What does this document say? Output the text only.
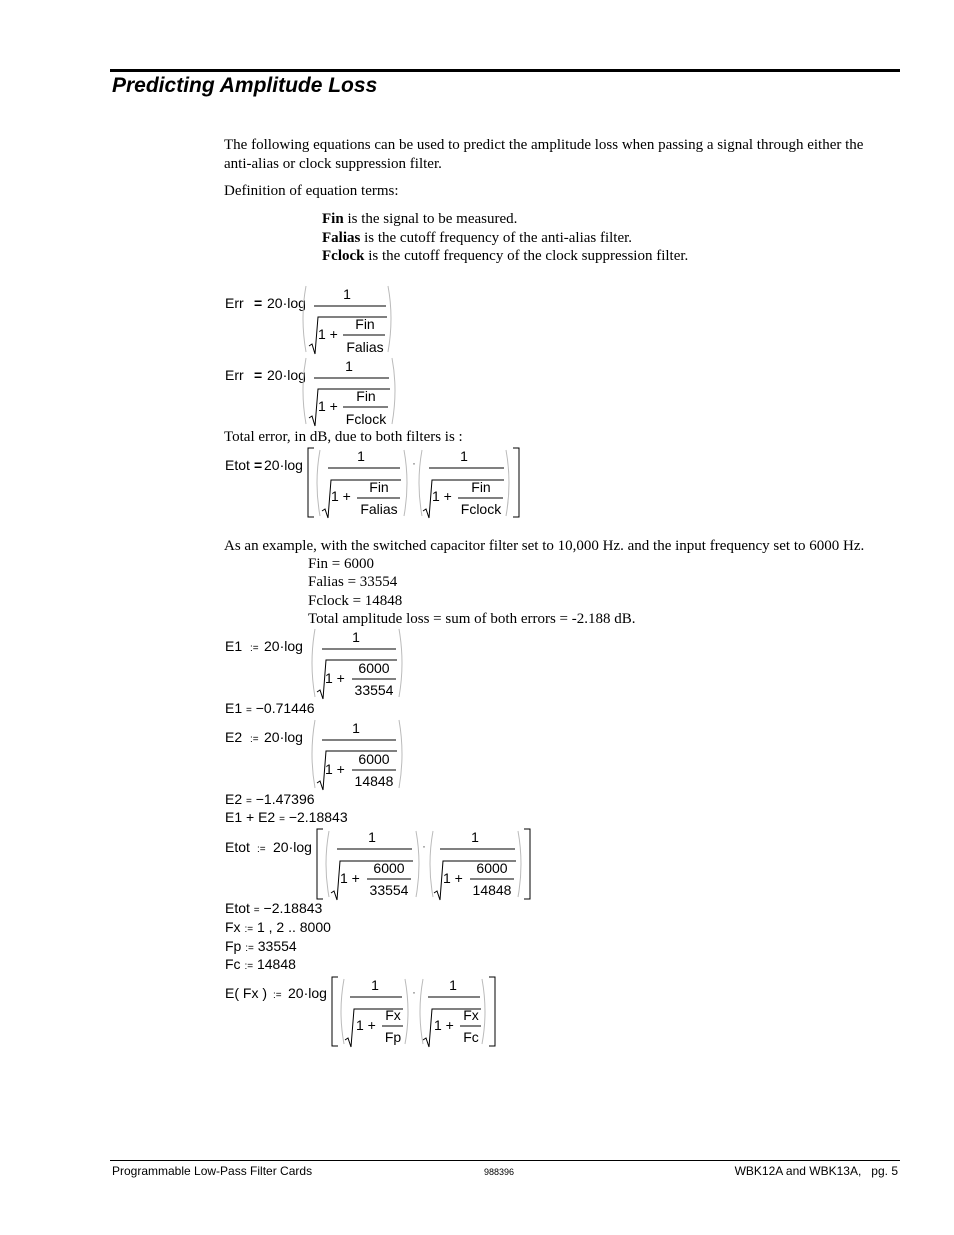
Predicting Amplitude Loss
The following equations can be used to predict the amplitude loss when passing a signal through either the anti-alias or clock suppression filter.
Definition of equation terms:
Fin is the signal to be measured.
Falias is the cutoff frequency of the anti-alias filter.
Fclock is the cutoff frequency of the clock suppression filter.
Err = 20·log
1
1 +
Fin
Falias
Err = 20·log
1
1 +
Fin
Fclock
Total error, in dB, due to both filters is :
Etot = 20·log
1
1 +
Fin
Falias
·	1
1 +
Fin
Fclock
As an example, with the switched capacitor filter set to 10,000 Hz. and the input frequency set to 6000 Hz.
Fin = 6000
Falias = 33554
Fclock = 14848
Total amplitude loss = sum of both errors = -2.188 dB.
E1 := 20·log
1
1 +
6000
33554
E1 = −0.71446
E2 := 20·log
1
1 +
6000
14848
E2 = −1.47396
E1 + E2 = −2.18843
Etot := 20·log
1
1 +
6000
33554
·
1
1 +
6000
14848
Etot = −2.18843
Fx := 1 , 2 .. 8000
Fp := 33554
Fc := 14848
E( Fx ) := 20·log	1
1 +
Fx
Fp
· 1
1 +
Fx
Fc
Programmable Low-Pass Filter Cards	988396	WBK12A and WBK13A,   pg. 5
